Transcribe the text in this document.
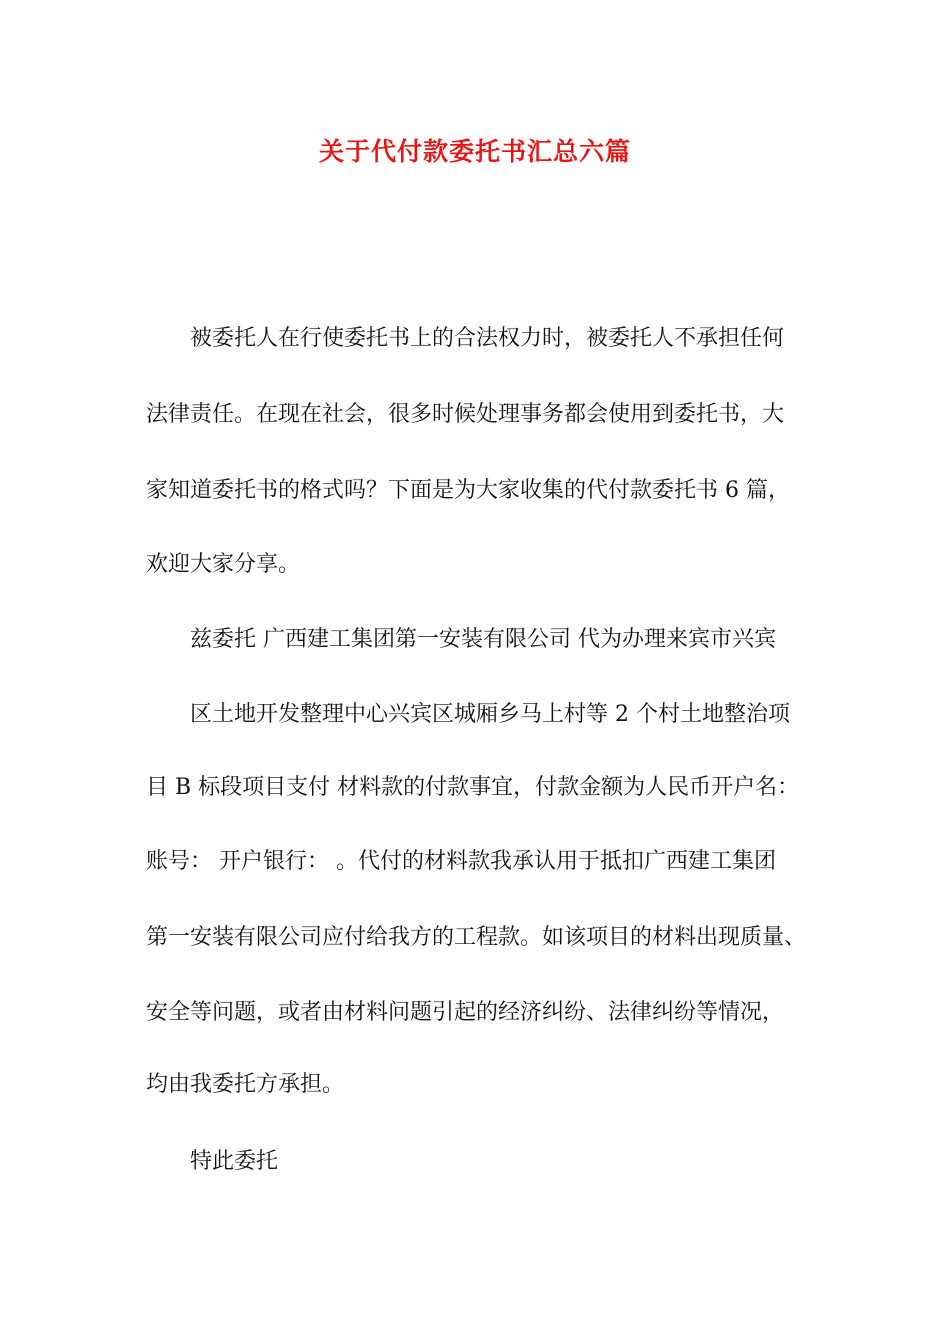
关于代付款委托书汇总六篇

被委托人在行使委托书上的合法权力时，被委托人不承担任何

法律责任。在现在社会，很多时候处理事务都会使用到委托书，大

家知道委托书的格式吗？下面是为大家收集的代付款委托书 6 篇，

欢迎大家分享。

兹委托 广西建工集团第一安装有限公司 代为办理来宾市兴宾

区土地开发整理中心兴宾区城厢乡马上村等 2 个村土地整治项

目 B 标段项目支付 材料款的付款事宜，付款金额为人民币开户名：

账号： 开户银行： 。代付的材料款我承认用于抵扣广西建工集团

第一安装有限公司应付给我方的工程款。如该项目的材料出现质量、

安全等问题，或者由材料问题引起的经济纠纷、法律纠纷等情况，

均由我委托方承担。

特此委托
